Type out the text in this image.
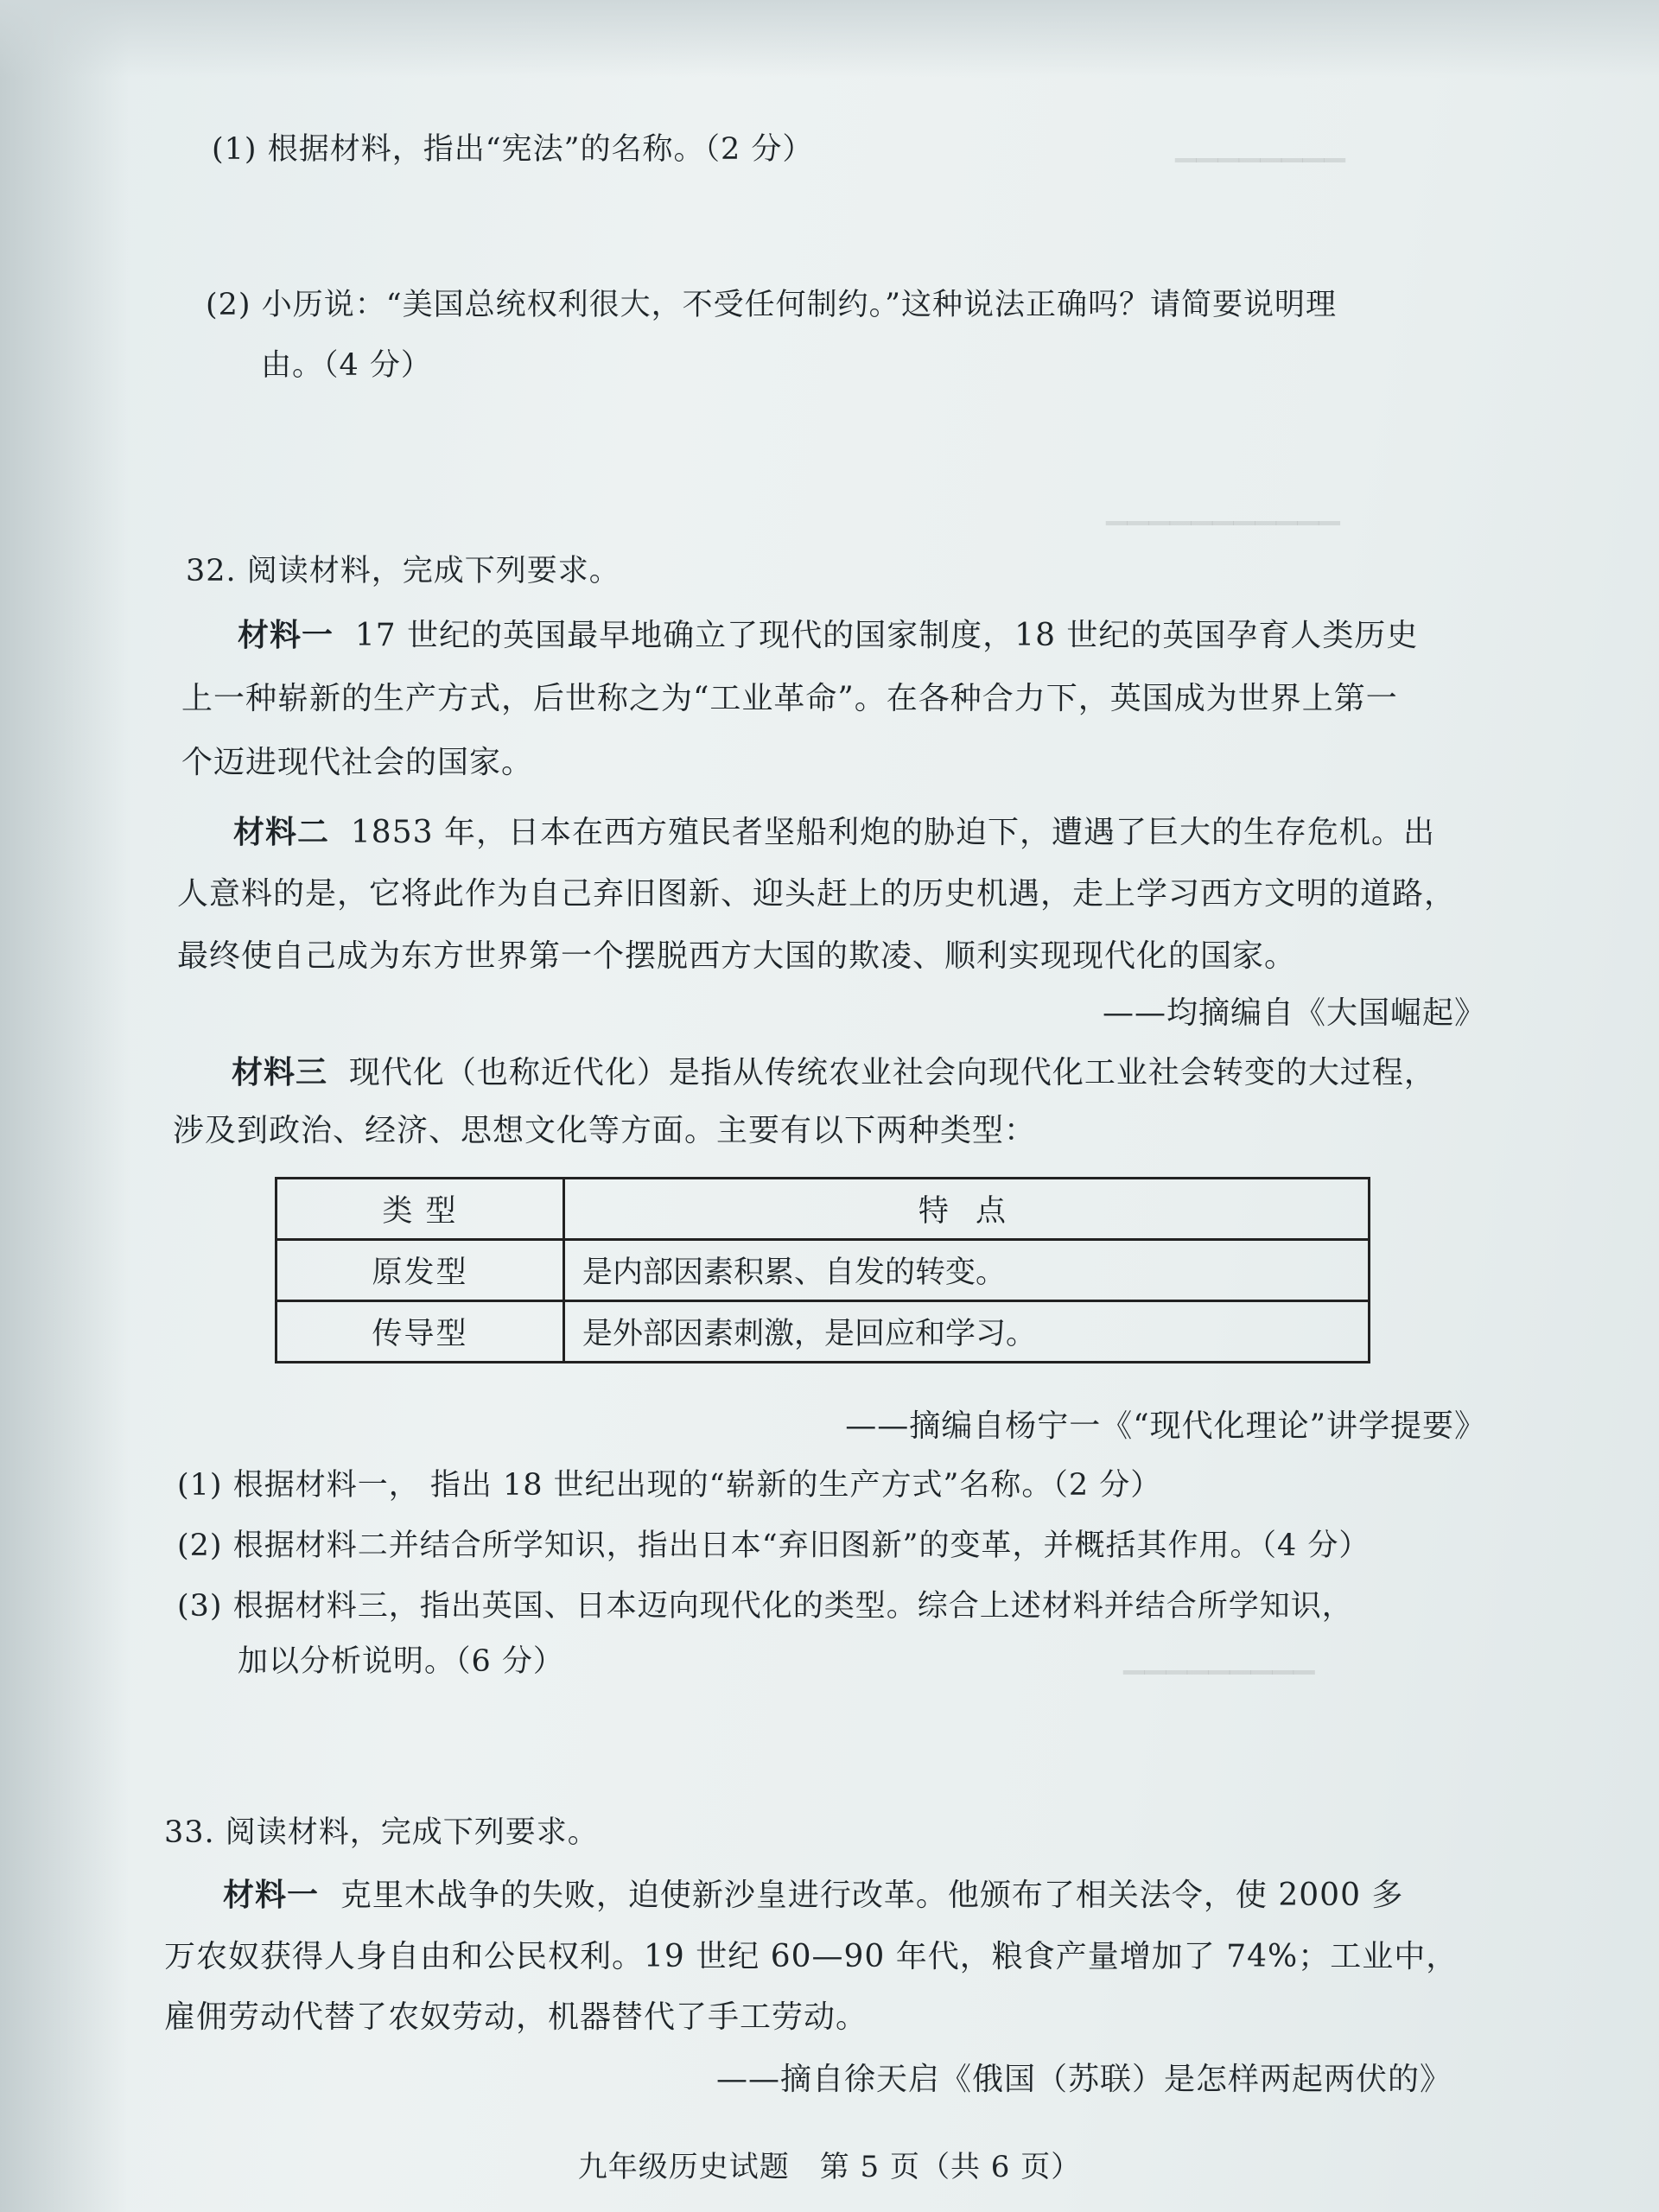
▁▁▁▁▁▁▁▁
▁▁▁▁▁▁▁▁▁▁▁
▁▁▁▁▁▁▁▁▁
(1) 根据材料，指出“宪法”的名称。（2 分）
(2) 小历说：“美国总统权利很大，不受任何制约。”这种说法正确吗？请简要说明理
由。（4 分）
32. 阅读材料，完成下列要求。
材料一 17 世纪的英国最早地确立了现代的国家制度，18 世纪的英国孕育人类历史
上一种崭新的生产方式，后世称之为“工业革命”。在各种合力下，英国成为世界上第一
个迈进现代社会的国家。
材料二 1853 年，日本在西方殖民者坚船利炮的胁迫下，遭遇了巨大的生存危机。出
人意料的是，它将此作为自己弃旧图新、迎头赶上的历史机遇，走上学习西方文明的道路，
最终使自己成为东方世界第一个摆脱西方大国的欺凌、顺利实现现代化的国家。
——均摘编自《大国崛起》
材料三 现代化（也称近代化）是指从传统农业社会向现代化工业社会转变的大过程，
涉及到政治、经济、思想文化等方面。主要有以下两种类型：
类 型	特 点
原发型	是内部因素积累、自发的转变。
传导型	是外部因素刺激，是回应和学习。
——摘编自杨宁一《“现代化理论”讲学提要》
(1) 根据材料一， 指出 18 世纪出现的“崭新的生产方式”名称。（2 分）
(2) 根据材料二并结合所学知识，指出日本“弃旧图新”的变革，并概括其作用。（4 分）
(3) 根据材料三，指出英国、日本迈向现代化的类型。综合上述材料并结合所学知识，
加以分析说明。（6 分）
33. 阅读材料，完成下列要求。
材料一 克里木战争的失败，迫使新沙皇进行改革。他颁布了相关法令，使 2000 多
万农奴获得人身自由和公民权利。19 世纪 60—90 年代，粮食产量增加了 74%；工业中，
雇佣劳动代替了农奴劳动，机器替代了手工劳动。
——摘自徐天启《俄国（苏联）是怎样两起两伏的》
九年级历史试题　第 5 页（共 6 页）
